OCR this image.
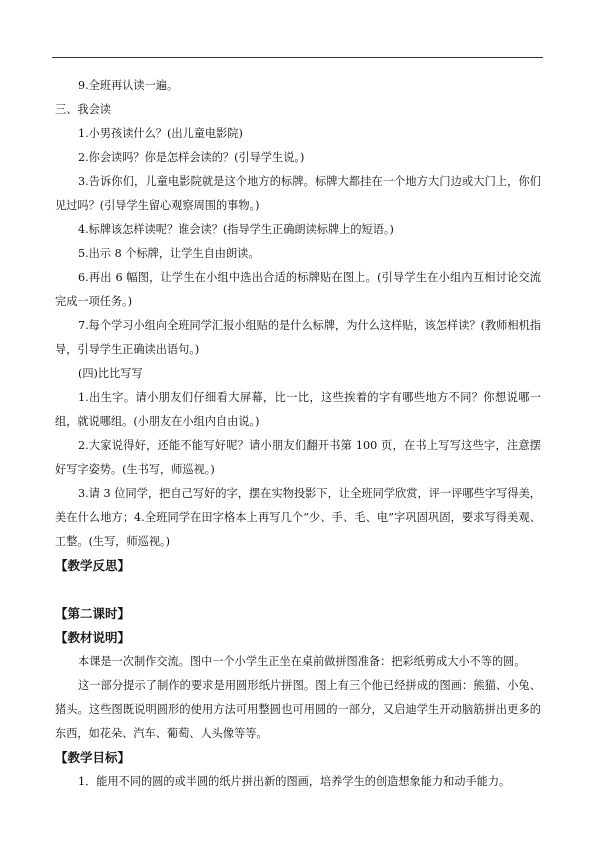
9.全班再认读一遍。

三、我会读

1.小男孩读什么？(出儿童电影院)

2.你会读吗？你是怎样会读的？(引导学生说。)

3.告诉你们，儿童电影院就是这个地方的标牌。标牌大都挂在一个地方大门边或大门上，你们见过吗？(引导学生留心观察周围的事物。)

4.标牌该怎样读呢？谁会读？(指导学生正确朗读标牌上的短语。)

5.出示 8 个标牌，让学生自由朗读。

6.再出 6 幅图，让学生在小组中选出合适的标牌贴在图上。(引导学生在小组内互相讨论交流完成一项任务。)

7.每个学习小组向全班同学汇报小组贴的是什么标牌，为什么这样贴，该怎样读？(教师相机指导，引导学生正确读出语句。)

(四)比比写写

1.出生字。请小朋友们仔细看大屏幕，比一比，这些挨着的字有哪些地方不同？你想说哪一组，就说哪组。(小朋友在小组内自由说。)

2.大家说得好，还能不能写好呢？请小朋友们翻开书第 100 页，在书上写写这些字，注意摆好写字姿势。(生书写，师巡视。)

3.请 3 位同学，把自己写好的字，摆在实物投影下，让全班同学欣赏，评一评哪些字写得美，美在什么地方；4.全班同学在田字格本上再写几个“少、手、毛、电”字巩固巩固，要求写得美观、工整。(生写，师巡视。)

【教学反思】

【第二课时】

【教材说明】

本课是一次制作交流。图中一个小学生正坐在桌前做拼图准备：把彩纸剪成大小不等的圆。

这一部分提示了制作的要求是用圆形纸片拼图。图上有三个他已经拼成的图画：熊猫、小兔、猪头。这些图既说明圆形的使用方法可用整圆也可用圆的一部分，又启迪学生开动脑筋拼出更多的东西，如花朵、汽车、葡萄、人头像等等。

【教学目标】

1．能用不同的圆的或半圆的纸片拼出新的图画，培养学生的创造想象能力和动手能力。
